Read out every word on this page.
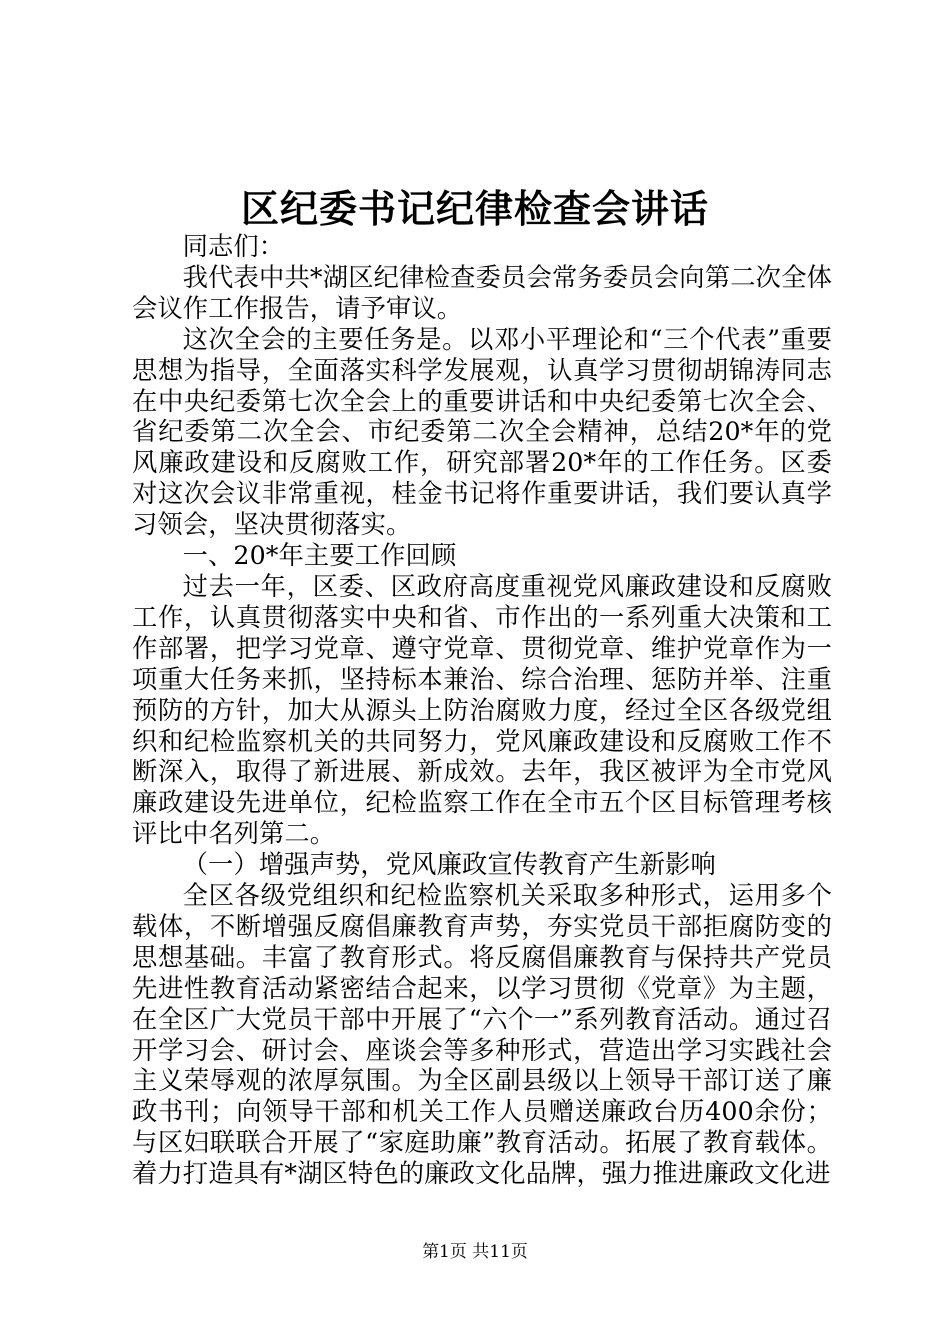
区纪委书记纪律检查会讲话

同志们：

我代表中共*湖区纪律检查委员会常务委员会向第二次全体会议作工作报告，请予审议。

这次全会的主要任务是。以邓小平理论和“三个代表”重要思想为指导，全面落实科学发展观，认真学习贯彻胡锦涛同志在中央纪委第七次全会上的重要讲话和中央纪委第七次全会、省纪委第二次全会、市纪委第二次全会精神，总结20*年的党风廉政建设和反腐败工作，研究部署20*年的工作任务。区委对这次会议非常重视，桂金书记将作重要讲话，我们要认真学习领会，坚决贯彻落实。

一、20*年主要工作回顾

过去一年，区委、区政府高度重视党风廉政建设和反腐败工作，认真贯彻落实中央和省、市作出的一系列重大决策和工作部署，把学习党章、遵守党章、贯彻党章、维护党章作为一项重大任务来抓，坚持标本兼治、综合治理、惩防并举、注重预防的方针，加大从源头上防治腐败力度，经过全区各级党组织和纪检监察机关的共同努力，党风廉政建设和反腐败工作不断深入，取得了新进展、新成效。去年，我区被评为全市党风廉政建设先进单位，纪检监察工作在全市五个区目标管理考核评比中名列第二。

（一）增强声势，党风廉政宣传教育产生新影响

全区各级党组织和纪检监察机关采取多种形式，运用多个载体，不断增强反腐倡廉教育声势，夯实党员干部拒腐防变的思想基础。丰富了教育形式。将反腐倡廉教育与保持共产党员先进性教育活动紧密结合起来，以学习贯彻《党章》为主题，在全区广大党员干部中开展了“六个一”系列教育活动。通过召开学习会、研讨会、座谈会等多种形式，营造出学习实践社会主义荣辱观的浓厚氛围。为全区副县级以上领导干部订送了廉政书刊；向领导干部和机关工作人员赠送廉政台历400余份；与区妇联联合开展了“家庭助廉”教育活动。拓展了教育载体。着力打造具有*湖区特色的廉政文化品牌，强力推进廉政文化进

第1页 共11页
